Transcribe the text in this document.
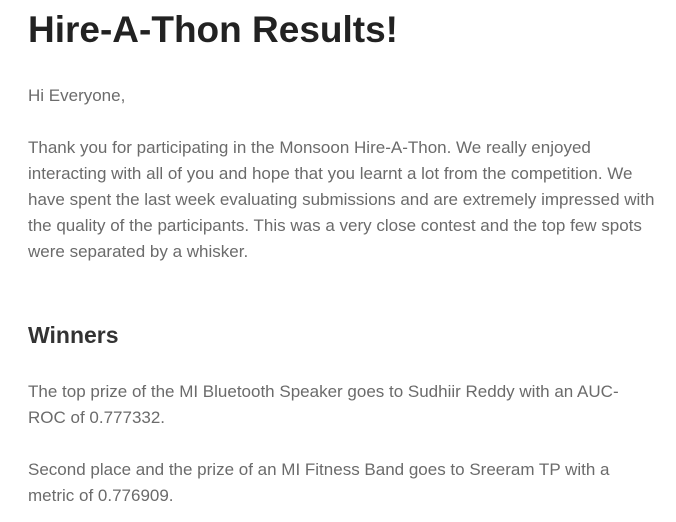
Hire-A-Thon Results!

Hi Everyone,

Thank you for participating in the Monsoon Hire-A-Thon. We really enjoyed interacting with all of you and hope that you learnt a lot from the competition. We have spent the last week evaluating submissions and are extremely impressed with the quality of the participants. This was a very close contest and the top few spots were separated by a whisker.

Winners

The top prize of the MI Bluetooth Speaker goes to Sudhiir Reddy with an AUC-ROC of 0.777332.

Second place and the prize of an MI Fitness Band goes to Sreeram TP with a metric of 0.776909.
